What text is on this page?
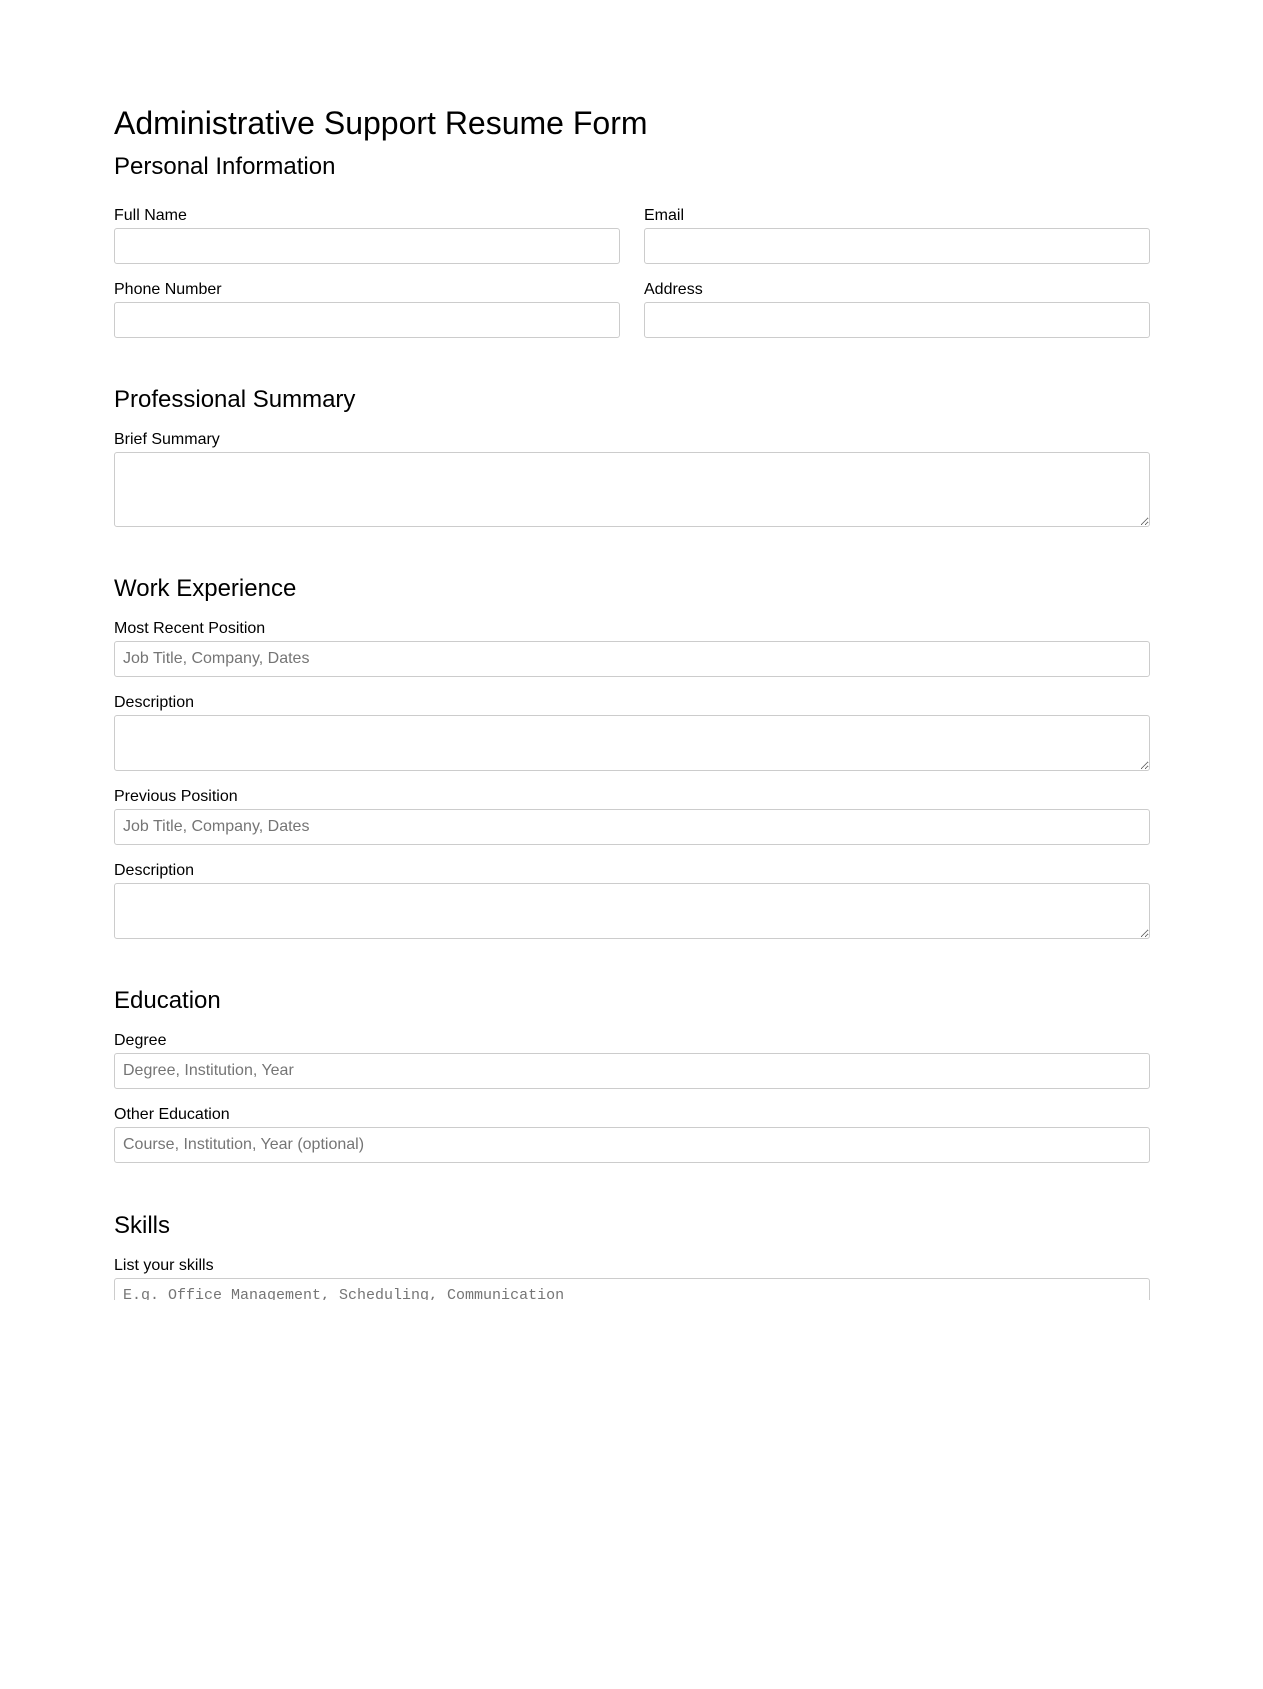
Administrative Support Resume Form
Personal Information
Full Name	Email
Phone Number	Address
Professional Summary
Brief Summary
Work Experience
Most Recent Position
Job Title, Company, Dates
Description
Previous Position
Job Title, Company, Dates
Description
Education
Degree
Degree, Institution, Year
Other Education
Course, Institution, Year (optional)
Skills
List your skills
E.g. Office Management, Scheduling, Communication
